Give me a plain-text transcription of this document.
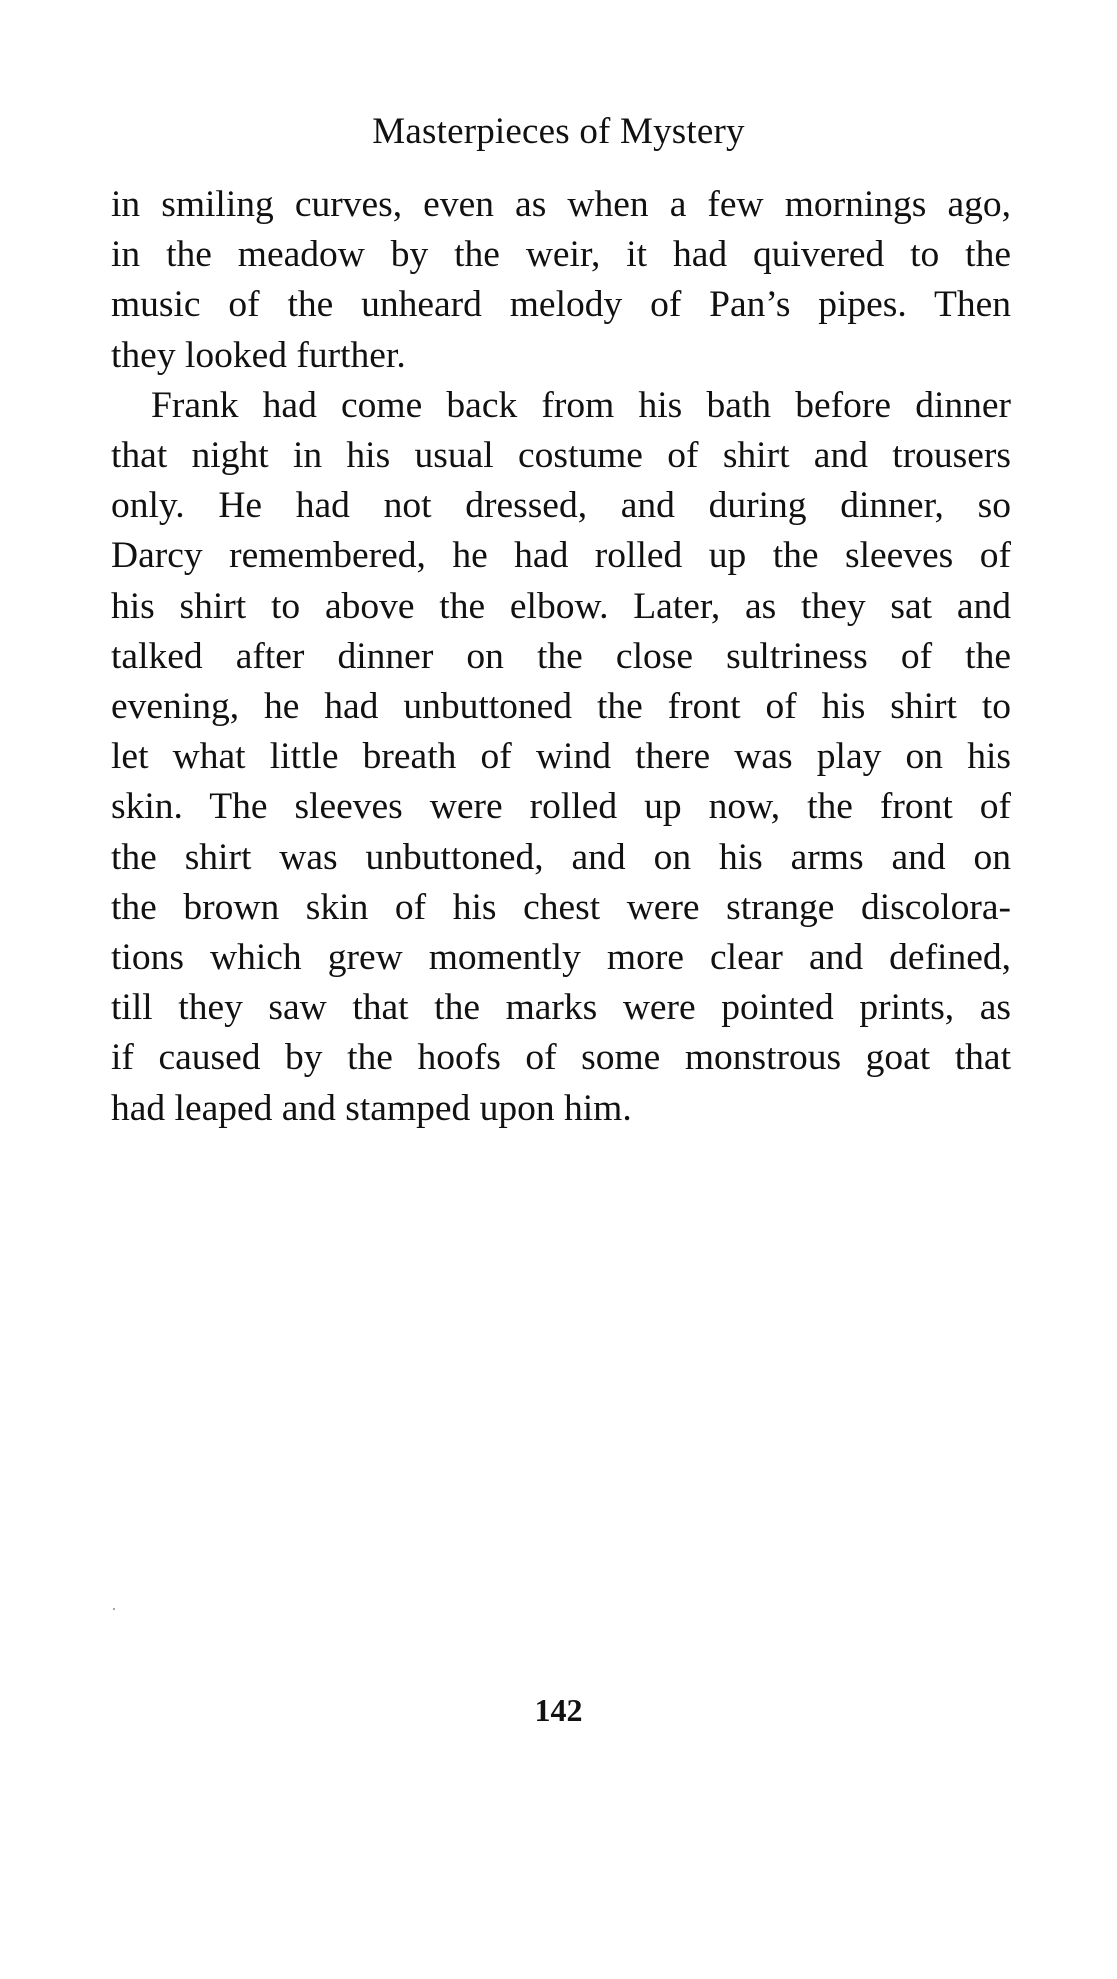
Masterpieces of Mystery

in smiling curves, even as when a few mornings ago,
in the meadow by the weir, it had quivered to the
music of the unheard melody of Pan’s pipes. Then
they looked further.

Frank had come back from his bath before dinner
that night in his usual costume of shirt and trousers
only. He had not dressed, and during dinner, so
Darcy remembered, he had rolled up the sleeves of
his shirt to above the elbow. Later, as they sat and
talked after dinner on the close sultriness of the
evening, he had unbuttoned the front of his shirt to
let what little breath of wind there was play on his
skin. The sleeves were rolled up now, the front of
the shirt was unbuttoned, and on his arms and on
the brown skin of his chest were strange discolora-
tions which grew momently more clear and defined,
till they saw that the marks were pointed prints, as
if caused by the hoofs of some monstrous goat that
had leaped and stamped upon him.

142
